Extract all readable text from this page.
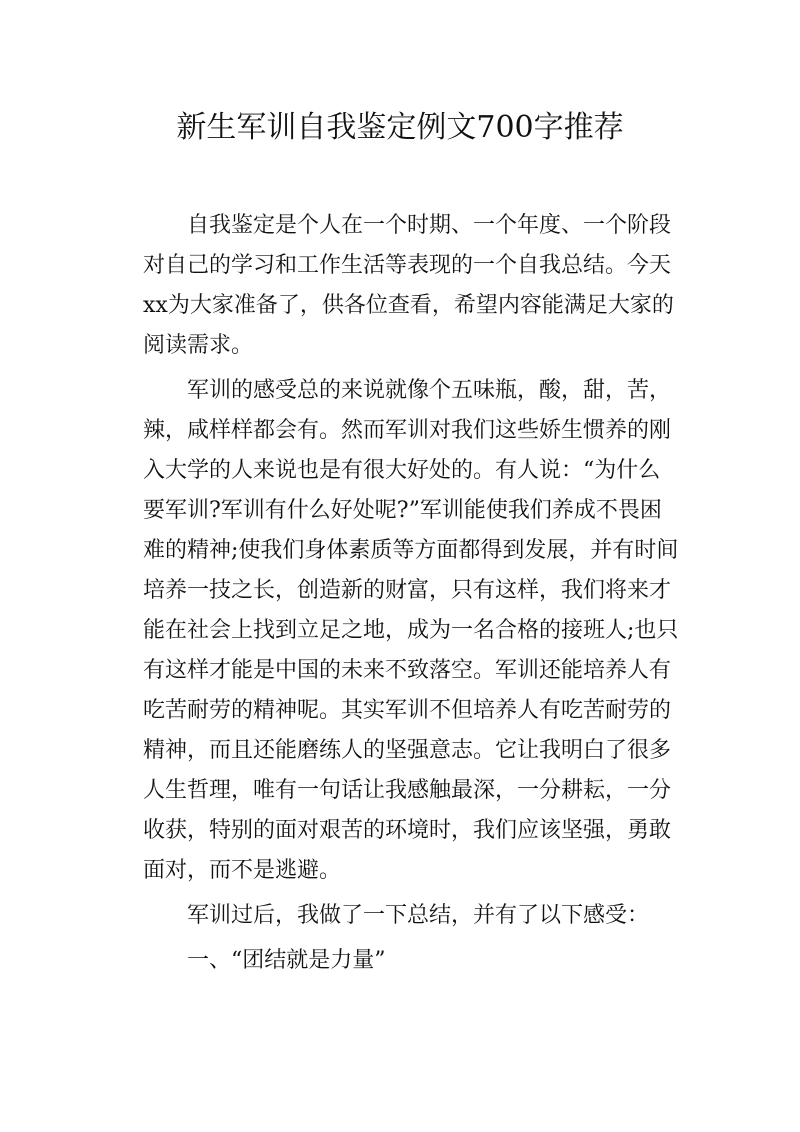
新生军训自我鉴定例文700字推荐
自我鉴定是个人在一个时期、一个年度、一个阶段
对自己的学习和工作生活等表现的一个自我总结。今天
xx为大家准备了，供各位查看，希望内容能满足大家的
阅读需求。
军训的感受总的来说就像个五味瓶，酸，甜，苦，
辣，咸样样都会有。然而军训对我们这些娇生惯养的刚
入大学的人来说也是有很大好处的。有人说：“为什么
要军训?军训有什么好处呢?”军训能使我们养成不畏困
难的精神;使我们身体素质等方面都得到发展，并有时间
培养一技之长，创造新的财富，只有这样，我们将来才
能在社会上找到立足之地，成为一名合格的接班人;也只
有这样才能是中国的未来不致落空。军训还能培养人有
吃苦耐劳的精神呢。其实军训不但培养人有吃苦耐劳的
精神，而且还能磨练人的坚强意志。它让我明白了很多
人生哲理，唯有一句话让我感触最深，一分耕耘，一分
收获，特别的面对艰苦的环境时，我们应该坚强，勇敢
面对，而不是逃避。
军训过后，我做了一下总结，并有了以下感受：
一、“团结就是力量”
